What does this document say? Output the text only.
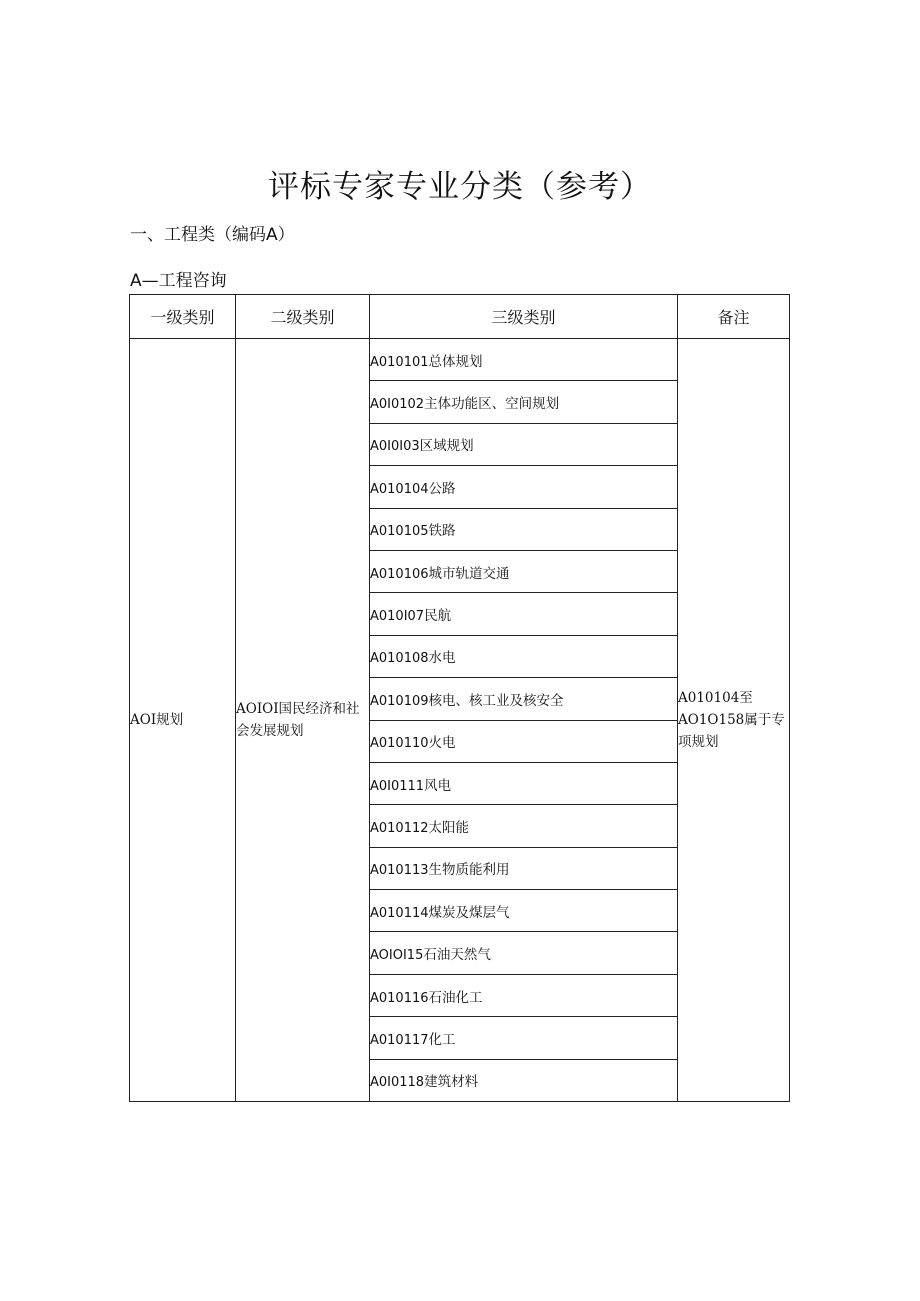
评标专家专业分类（参考）
一、工程类（编码A）
A—工程咨询
一级类别	二级类别	三级类别	备注
AOI规划	AOIOI国民经济和社会发展规划	A010101总体规划	A010104至AO1O158属于专项规划
		A0I0102主体功能区、空间规划	
		A0I0I03区域规划	
		A010104公路	
		A010105铁路	
		A010106城市轨道交通	
		A010I07民航	
		A010108水电	
		A010109核电、核工业及核安全	
		A010110火电	
		A0I0111风电	
		A010112太阳能	
		A010113生物质能利用	
		A010114煤炭及煤层气	
		AOIOI15石油天然气	
		A010116石油化工	
		A010117化工	
		A0I0118建筑材料	
